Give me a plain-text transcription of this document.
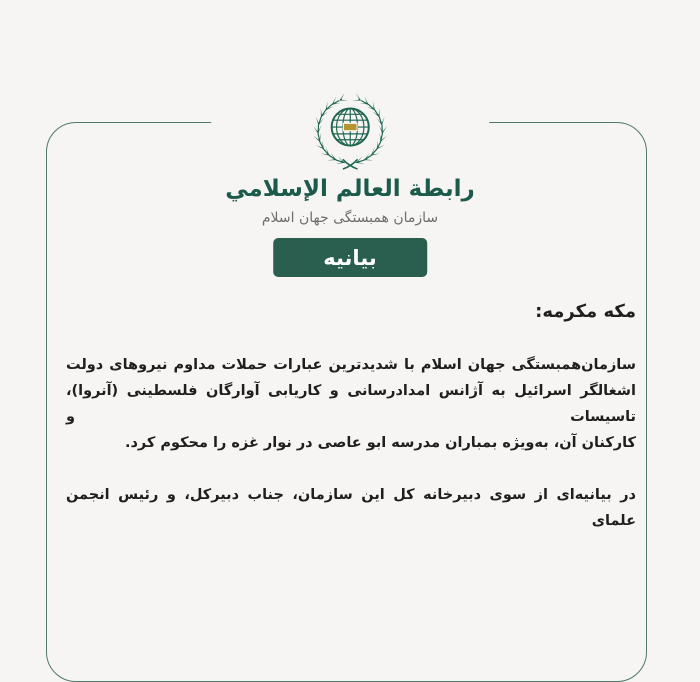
رابطة العالم الإسلامي
سازمان همبستگی جهان اسلام
بیانیه
مکه مکرمه:
سازمان‌همبستگی جهان اسلام با شدیدترین عبارات حملات مداوم نیروهای دولت
اشغالگر اسرائیل به آژانس امدادرسانی و کاریابی آوارگان فلسطینی (آنروا)، تاسیسات و
کارکنان آن، به‌ویژه بمباران مدرسه ابو عاصی در نوار غزه را محکوم کرد.
در بیانیه‌ای از سوی دبیرخانه کل این سازمان، جناب دبیرکل، و رئیس انجمن علمای
